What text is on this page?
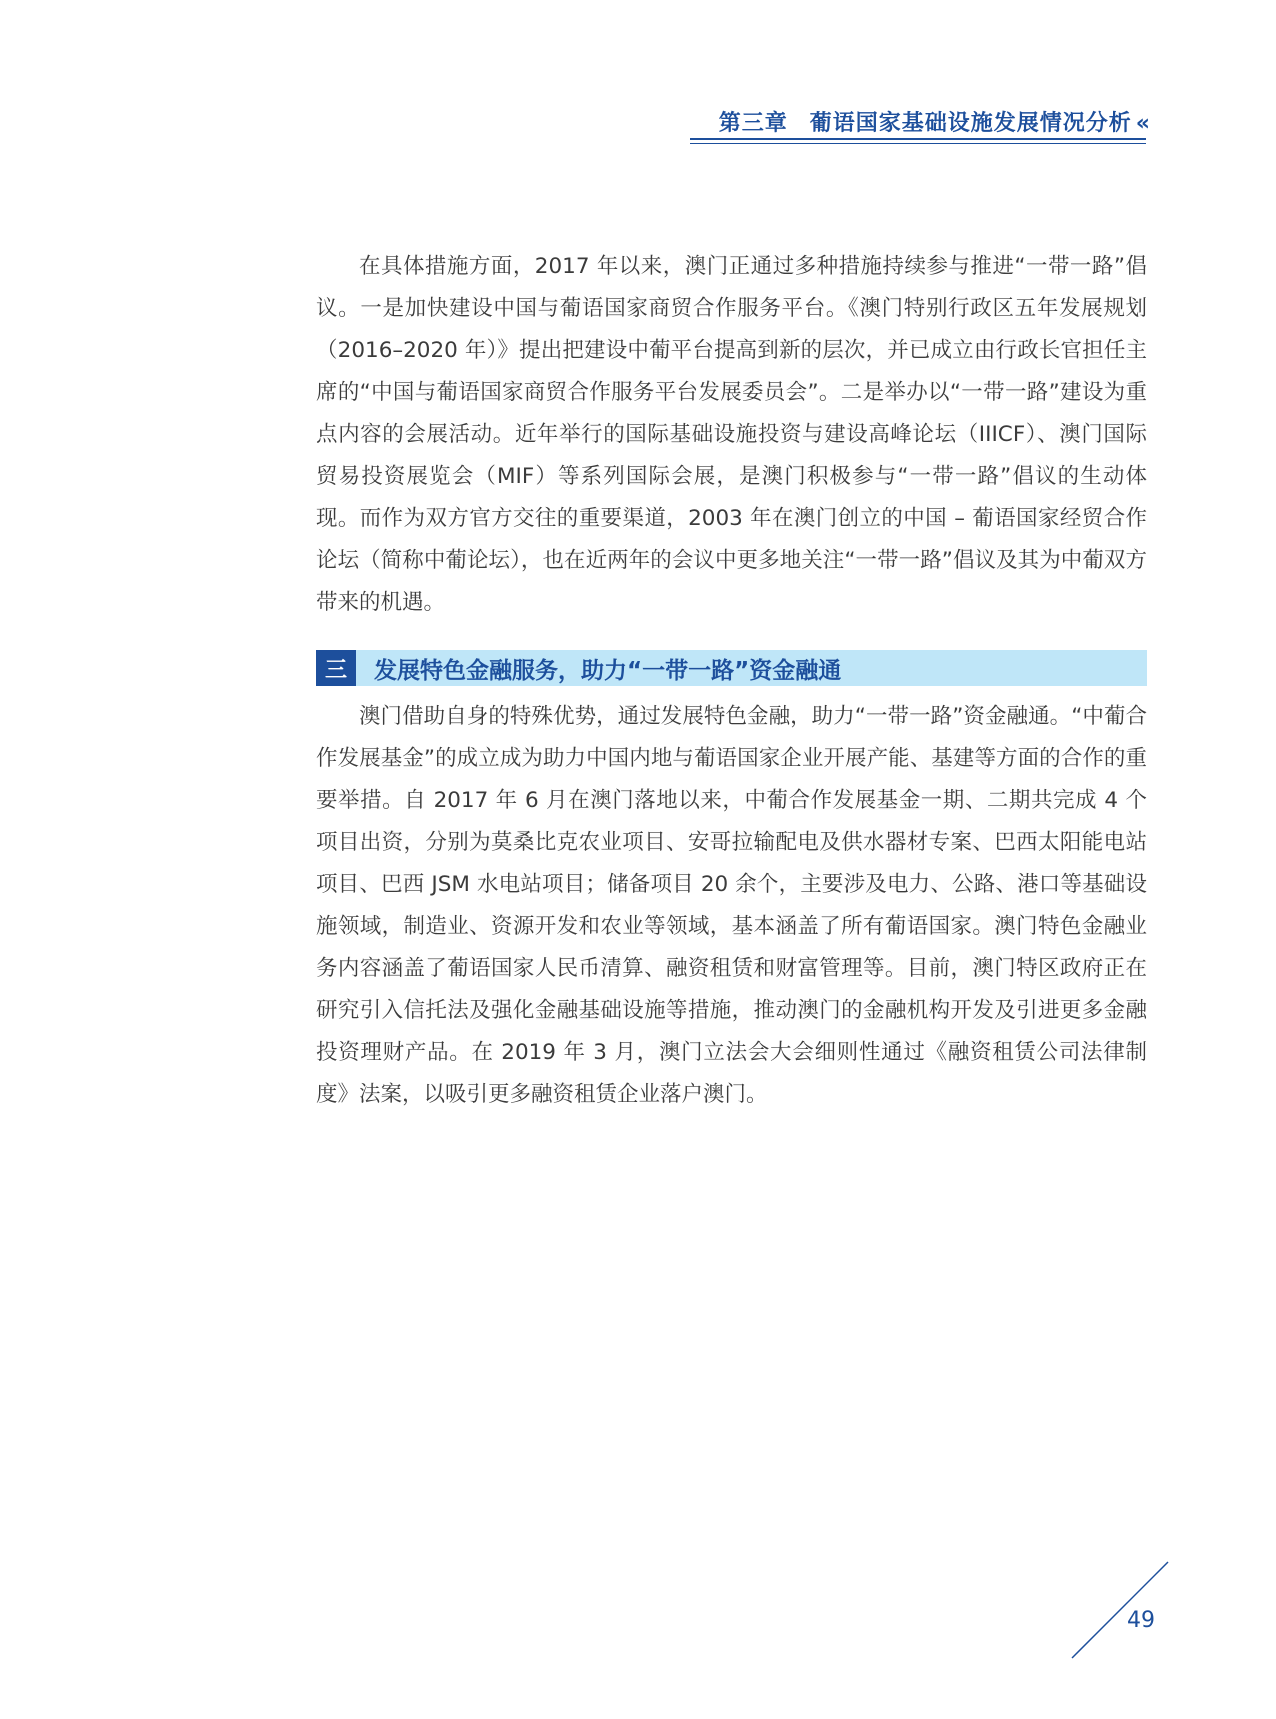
第三章 葡语国家基础设施发展情况分析 «

在具体措施方面，2017 年以来，澳门正通过多种措施持续参与推进“一带一路”倡议。一是加快建设中国与葡语国家商贸合作服务平台。《澳门特别行政区五年发展规划（2016–2020 年）》提出把建设中葡平台提高到新的层次，并已成立由行政长官担任主席的“中国与葡语国家商贸合作服务平台发展委员会”。二是举办以“一带一路”建设为重点内容的会展活动。近年举行的国际基础设施投资与建设高峰论坛（IIICF）、澳门国际贸易投资展览会（MIF）等系列国际会展，是澳门积极参与“一带一路”倡议的生动体现。而作为双方官方交往的重要渠道，2003 年在澳门创立的中国 – 葡语国家经贸合作论坛（简称中葡论坛），也在近两年的会议中更多地关注“一带一路”倡议及其为中葡双方带来的机遇。

三	发展特色金融服务，助力“一带一路”资金融通

澳门借助自身的特殊优势，通过发展特色金融，助力“一带一路”资金融通。“中葡合作发展基金”的成立成为助力中国内地与葡语国家企业开展产能、基建等方面的合作的重要举措。自 2017 年 6 月在澳门落地以来，中葡合作发展基金一期、二期共完成 4 个项目出资，分别为莫桑比克农业项目、安哥拉输配电及供水器材专案、巴西太阳能电站项目、巴西 JSM 水电站项目；储备项目 20 余个，主要涉及电力、公路、港口等基础设施领域，制造业、资源开发和农业等领域，基本涵盖了所有葡语国家。澳门特色金融业务内容涵盖了葡语国家人民币清算、融资租赁和财富管理等。目前，澳门特区政府正在研究引入信托法及强化金融基础设施等措施，推动澳门的金融机构开发及引进更多金融投资理财产品。在 2019 年 3 月，澳门立法会大会细则性通过《融资租赁公司法律制度》法案，以吸引更多融资租赁企业落户澳门。

49
